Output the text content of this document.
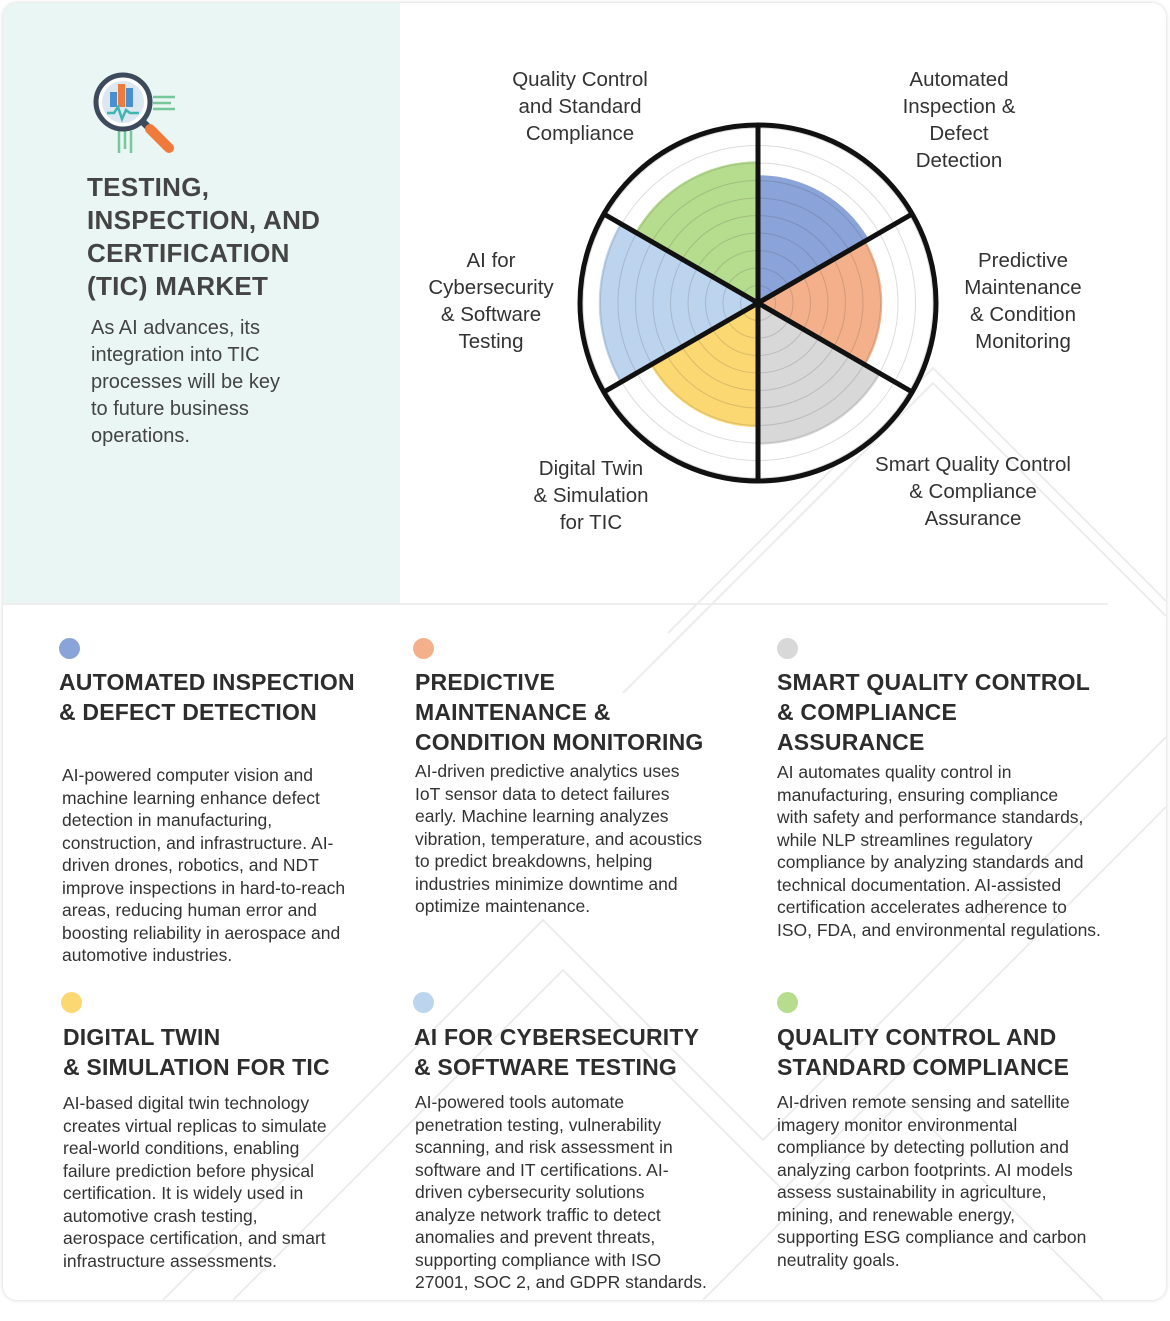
TESTING,
INSPECTION, AND
CERTIFICATION
(TIC) MARKET
As AI advances, its
integration into TIC
processes will be key
to future business
operations.
Automated
Inspection &
Defect
Detection
Predictive
Maintenance
& Condition
Monitoring
Smart Quality Control
& Compliance
Assurance
Digital Twin
& Simulation
for TIC
AI for
Cybersecurity
& Software
Testing
Quality Control
and Standard
Compliance
AUTOMATED INSPECTION
& DEFECT DETECTION
AI-powered computer vision and
machine learning enhance defect
detection in manufacturing,
construction, and infrastructure. AI-
driven drones, robotics, and NDT
improve inspections in hard-to-reach
areas, reducing human error and
boosting reliability in aerospace and
automotive industries.
PREDICTIVE
MAINTENANCE &
CONDITION MONITORING
AI-driven predictive analytics uses
IoT sensor data to detect failures
early. Machine learning analyzes
vibration, temperature, and acoustics
to predict breakdowns, helping
industries minimize downtime and
optimize maintenance.
SMART QUALITY CONTROL
& COMPLIANCE
ASSURANCE
AI automates quality control in
manufacturing, ensuring compliance
with safety and performance standards,
while NLP streamlines regulatory
compliance by analyzing standards and
technical documentation. AI-assisted
certification accelerates adherence to
ISO, FDA, and environmental regulations.
DIGITAL TWIN
& SIMULATION FOR TIC
AI-based digital twin technology
creates virtual replicas to simulate
real-world conditions, enabling
failure prediction before physical
certification. It is widely used in
automotive crash testing,
aerospace certification, and smart
infrastructure assessments.
AI FOR CYBERSECURITY
& SOFTWARE TESTING
AI-powered tools automate
penetration testing, vulnerability
scanning, and risk assessment in
software and IT certifications. AI-
driven cybersecurity solutions
analyze network traffic to detect
anomalies and prevent threats,
supporting compliance with ISO
27001, SOC 2, and GDPR standards.
QUALITY CONTROL AND
STANDARD COMPLIANCE
AI-driven remote sensing and satellite
imagery monitor environmental
compliance by detecting pollution and
analyzing carbon footprints. AI models
assess sustainability in agriculture,
mining, and renewable energy,
supporting ESG compliance and carbon
neutrality goals.
